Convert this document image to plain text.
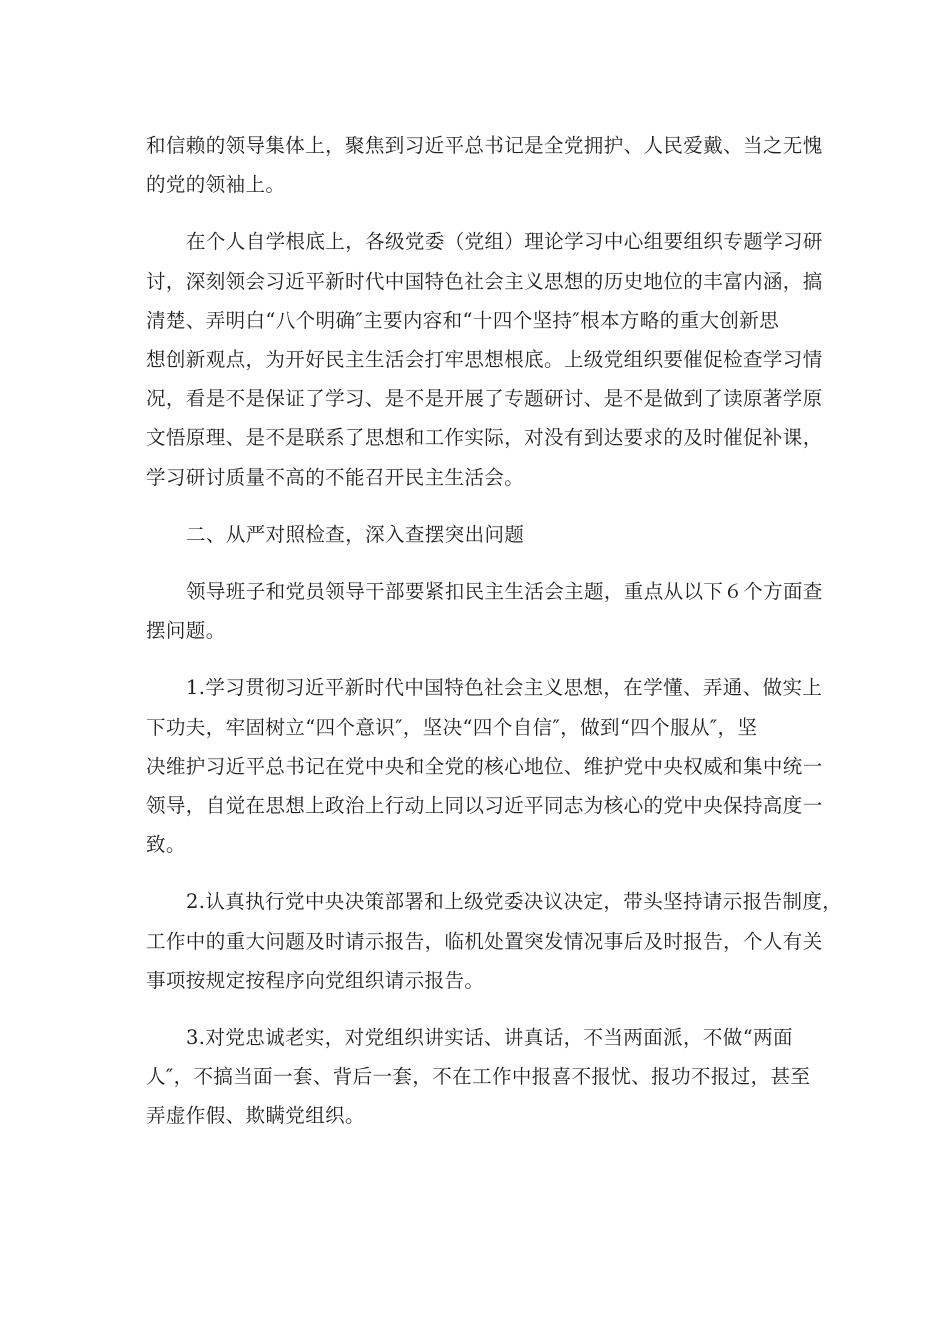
和信赖的领导集体上，聚焦到习近平总书记是全党拥护、人民爱戴、当之无愧
的党的领袖上。

在个人自学根底上，各级党委（党组）理论学习中心组要组织专题学习研
讨，深刻领会习近平新时代中国特色社会主义思想的历史地位的丰富内涵，搞
清楚、弄明白“八个明确″主要内容和“十四个坚持″根本方略的重大创新思
想创新观点，为开好民主生活会打牢思想根底。上级党组织要催促检查学习情
况，看是不是保证了学习、是不是开展了专题研讨、是不是做到了读原著学原
文悟原理、是不是联系了思想和工作实际，对没有到达要求的及时催促补课，
学习研讨质量不高的不能召开民主生活会。

二、从严对照检查，深入查摆突出问题

领导班子和党员领导干部要紧扣民主生活会主题，重点从以下６个方面查
摆问题。

1.学习贯彻习近平新时代中国特色社会主义思想，在学懂、弄通、做实上
下功夫，牢固树立“四个意识″，坚决“四个自信″，做到“四个服从″，坚
决维护习近平总书记在党中央和全党的核心地位、维护党中央权威和集中统一
领导，自觉在思想上政治上行动上同以习近平同志为核心的党中央保持高度一
致。

2.认真执行党中央决策部署和上级党委决议决定，带头坚持请示报告制度，
工作中的重大问题及时请示报告，临机处置突发情况事后及时报告，个人有关
事项按规定按程序向党组织请示报告。

3.对党忠诚老实，对党组织讲实话、讲真话，不当两面派，不做“两面
人″，不搞当面一套、背后一套，不在工作中报喜不报忧、报功不报过，甚至
弄虚作假、欺瞒党组织。
